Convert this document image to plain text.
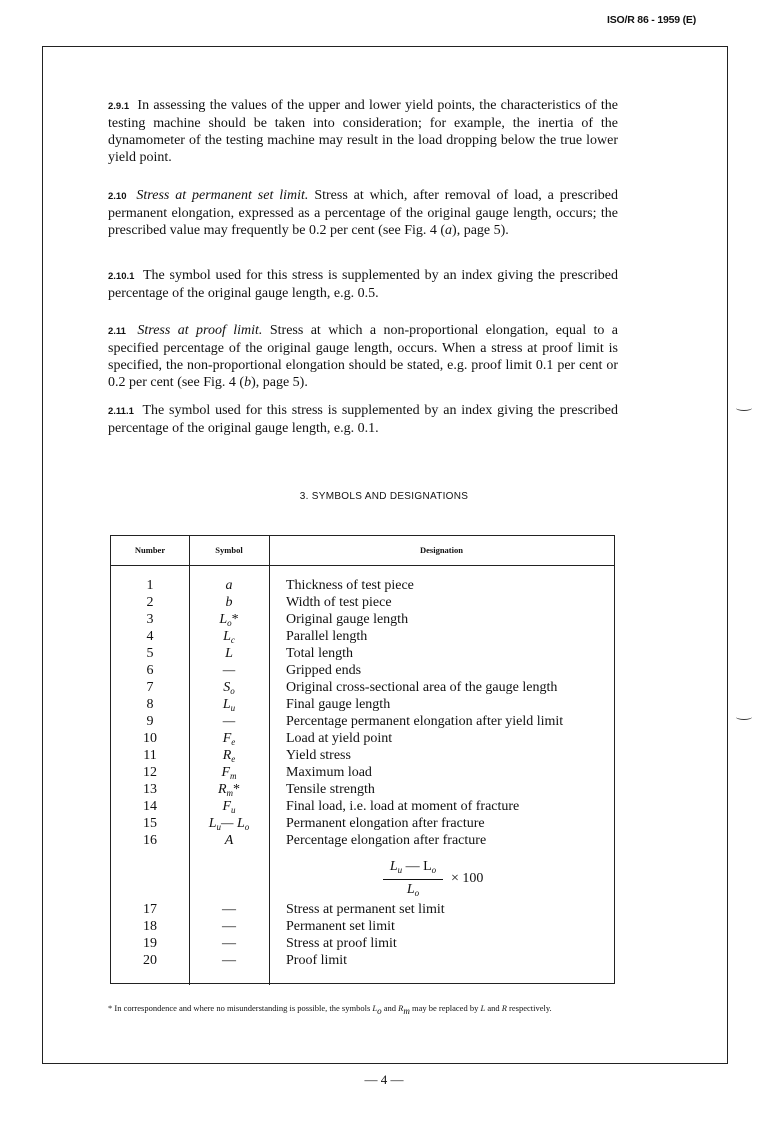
ISO/R 86 - 1959 (E)
2.9.1 In assessing the values of the upper and lower yield points, the characteristics of the testing machine should be taken into consideration; for example, the inertia of the dynamometer of the testing machine may result in the load dropping below the true lower yield point.
2.10 Stress at permanent set limit. Stress at which, after removal of load, a prescribed permanent elongation, expressed as a percentage of the original gauge length, occurs; the prescribed value may frequently be 0.2 per cent (see Fig. 4 (a), page 5).
2.10.1 The symbol used for this stress is supplemented by an index giving the prescribed percentage of the original gauge length, e.g. 0.5.
2.11 Stress at proof limit. Stress at which a non-proportional elongation, equal to a specified percentage of the original gauge length, occurs. When a stress at proof limit is specified, the non-proportional elongation should be stated, e.g. proof limit 0.1 per cent or 0.2 per cent (see Fig. 4 (b), page 5).
2.11.1 The symbol used for this stress is supplemented by an index giving the prescribed percentage of the original gauge length, e.g. 0.1.
3. SYMBOLS AND DESIGNATIONS
Number	Symbol	Designation
1	a	Thickness of test piece
2	b	Width of test piece
3	$L_o*$	Original gauge length
4	$L_c$	Parallel length
5	L	Total length
6	—	Gripped ends
7	$S_o$	Original cross-sectional area of the gauge length
8	$L_u$	Final gauge length
9	—	Percentage permanent elongation after yield limit
10	$F_e$	Load at yield point
11	$R_e$	Yield stress
12	$F_m$	Maximum load
13	$R_m*$	Tensile strength
14	$F_u$	Final load, i.e. load at moment of fracture
15	$L_u—$ $L_o$	Permanent elongation after fracture
16	A	Percentage elongation after fracture
$L_u$ — $L_o$
$L_o$
× 100
17	—	Stress at permanent set limit
18	—	Permanent set limit
19	—	Stress at proof limit
20	—	Proof limit
* In correspondence and where no misunderstanding is possible, the symbols $L_o$ and $R_m$ may be replaced by L and R respectively.
— 4 —
